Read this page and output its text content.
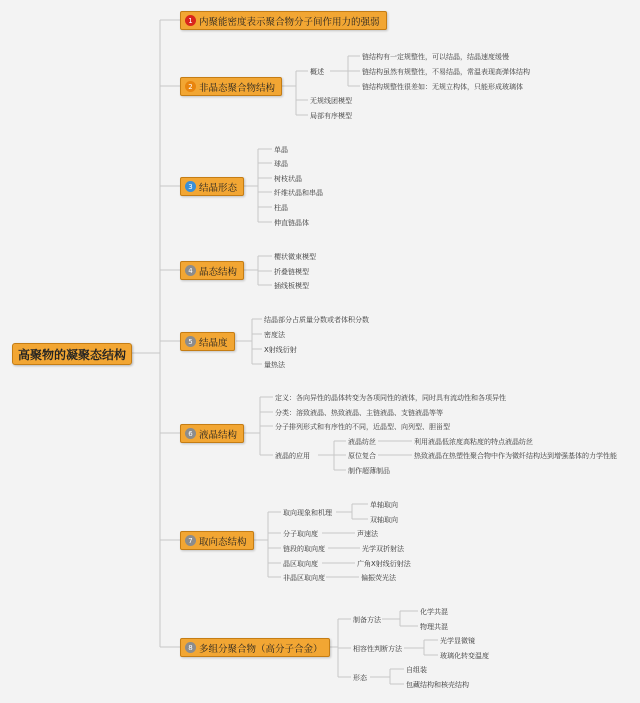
高聚物的凝聚态结构
1 内聚能密度表示聚合物分子间作用力的强弱
2 非晶态聚合物结构
3 结晶形态
4 晶态结构
5 结晶度
6 液晶结构
7 取向态结构
8 多组分聚合物（高分子合金）
概述
链结构有一定规整性，可以结晶，结晶速度缓慢
链结构虽然有规整性，不易结晶，常温表现高弹体结构
链结构规整性很差如：无规立构体，只能形成玻璃体
无规线团模型
局部有序模型
单晶
球晶
树枝状晶
纤维状晶和串晶
柱晶
伸直链晶体
樱状微束模型
折叠链模型
插线板模型
结晶部分占质量分数或者体积分数
密度法
X射线衍射
量热法
定义：各向异性的晶体转变为各项同性的液体，同时具有流动性和各项异性
分类：溶致液晶、热致液晶、主链液晶、支链液晶等等
分子排列形式和有序性的不同，近晶型、向列型、胆甾型
液晶的应用
液晶纺丝
原位复合
制作超薄制品
利用液晶低浓度高粘度的特点液晶纺丝
热致液晶在热塑性聚合物中作为微纤结构达到增强基体的力学性能
取向现象和机理
单轴取向
双轴取向
分子取向度	声速法
链段的取向度	光学双折射法
晶区取向度	广角X射线衍射法
非晶区取向度	偏振荧光法
制备方法
化学共混
物理共混
相容性判断方法
光学显微镜
玻璃化转变温度
形态
自组装
包藏结构和核壳结构
